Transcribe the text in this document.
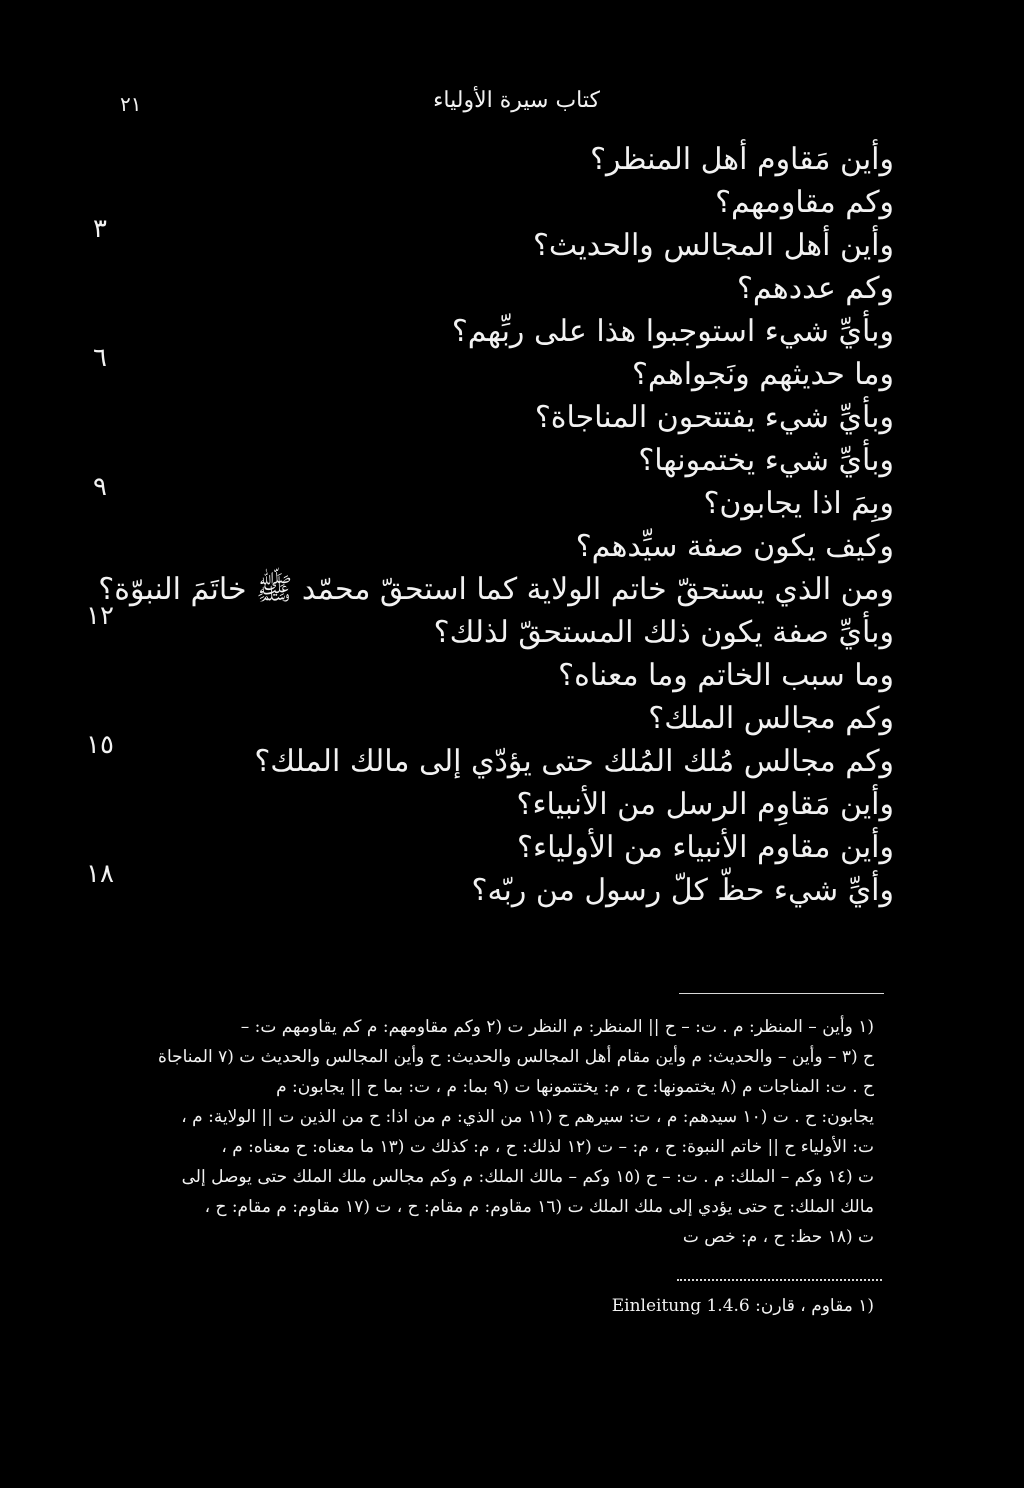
٢١	كتاب سيرة الأولياء
٣
٦
٩
١٢
١٥
١٨
وأين مَقاوم أهل المنظر؟
وكم مقاومهم؟
وأين أهل المجالس والحديث؟
وكم عددهم؟
وبأيِّ شيء استوجبوا هذا على ربِّهم؟
وما حديثهم ونَجواهم؟
وبأيِّ شيء يفتتحون المناجاة؟
وبأيِّ شيء يختمونها؟
وبِمَ اذا يجابون؟
وكيف يكون صفة سيِّدهم؟
ومن الذي يستحقّ خاتم الولاية كما استحقّ محمّد ﷺ خاتَمَ النبوّة؟
وبأيِّ صفة يكون ذلك المستحقّ لذلك؟
وما سبب الخاتم وما معناه؟
وكم مجالس الملك؟
وكم مجالس مُلك المُلك حتى يؤدّي إلى مالك الملك؟
وأين مَقاوِم الرسل من الأنبياء؟
وأين مقاوم الأنبياء من الأولياء؟
وأيِّ شيء حظّ كلّ رسول من ربّه؟
(١ وأين – المنظر: م . ت: – ح || المنظر: م النظر ت (٢ وكم مقاومهم: م كم يقاومهم ت: –
ح (٣ – وأين – والحديث: م وأين مقام أهل المجالس والحديث: ح وأين المجالس والحديث ت (٧ المناجاة
ح . ت: المناجات م (٨ يختمونها: ح ، م: يختتمونها ت (٩ بما: م ، ت: بما ح || يجابون: م
يجابون: ح . ت (١٠ سيدهم: م ، ت: سيرهم ح (١١ من الذي: م من اذا: ح من الذين ت || الولاية: م ،
ت: الأولياء ح || خاتم النبوة: ح ، م: – ت (١٢ لذلك: ح ، م: كذلك ت (١٣ ما معناه: ح معناه: م ،
ت (١٤ وكم – الملك: م . ت: – ح (١٥ وكم – مالك الملك: م وكم مجالس ملك الملك حتى يوصل إلى
مالك الملك: ح حتى يؤدي إلى ملك الملك ت (١٦ مقاوم: م مقام: ح ، ت (١٧ مقاوم: م مقام: ح ،
ت (١٨ حظ: ح ، م: خص ت
(١ مقاوم ، قارن: Einleitung 1.4.6
